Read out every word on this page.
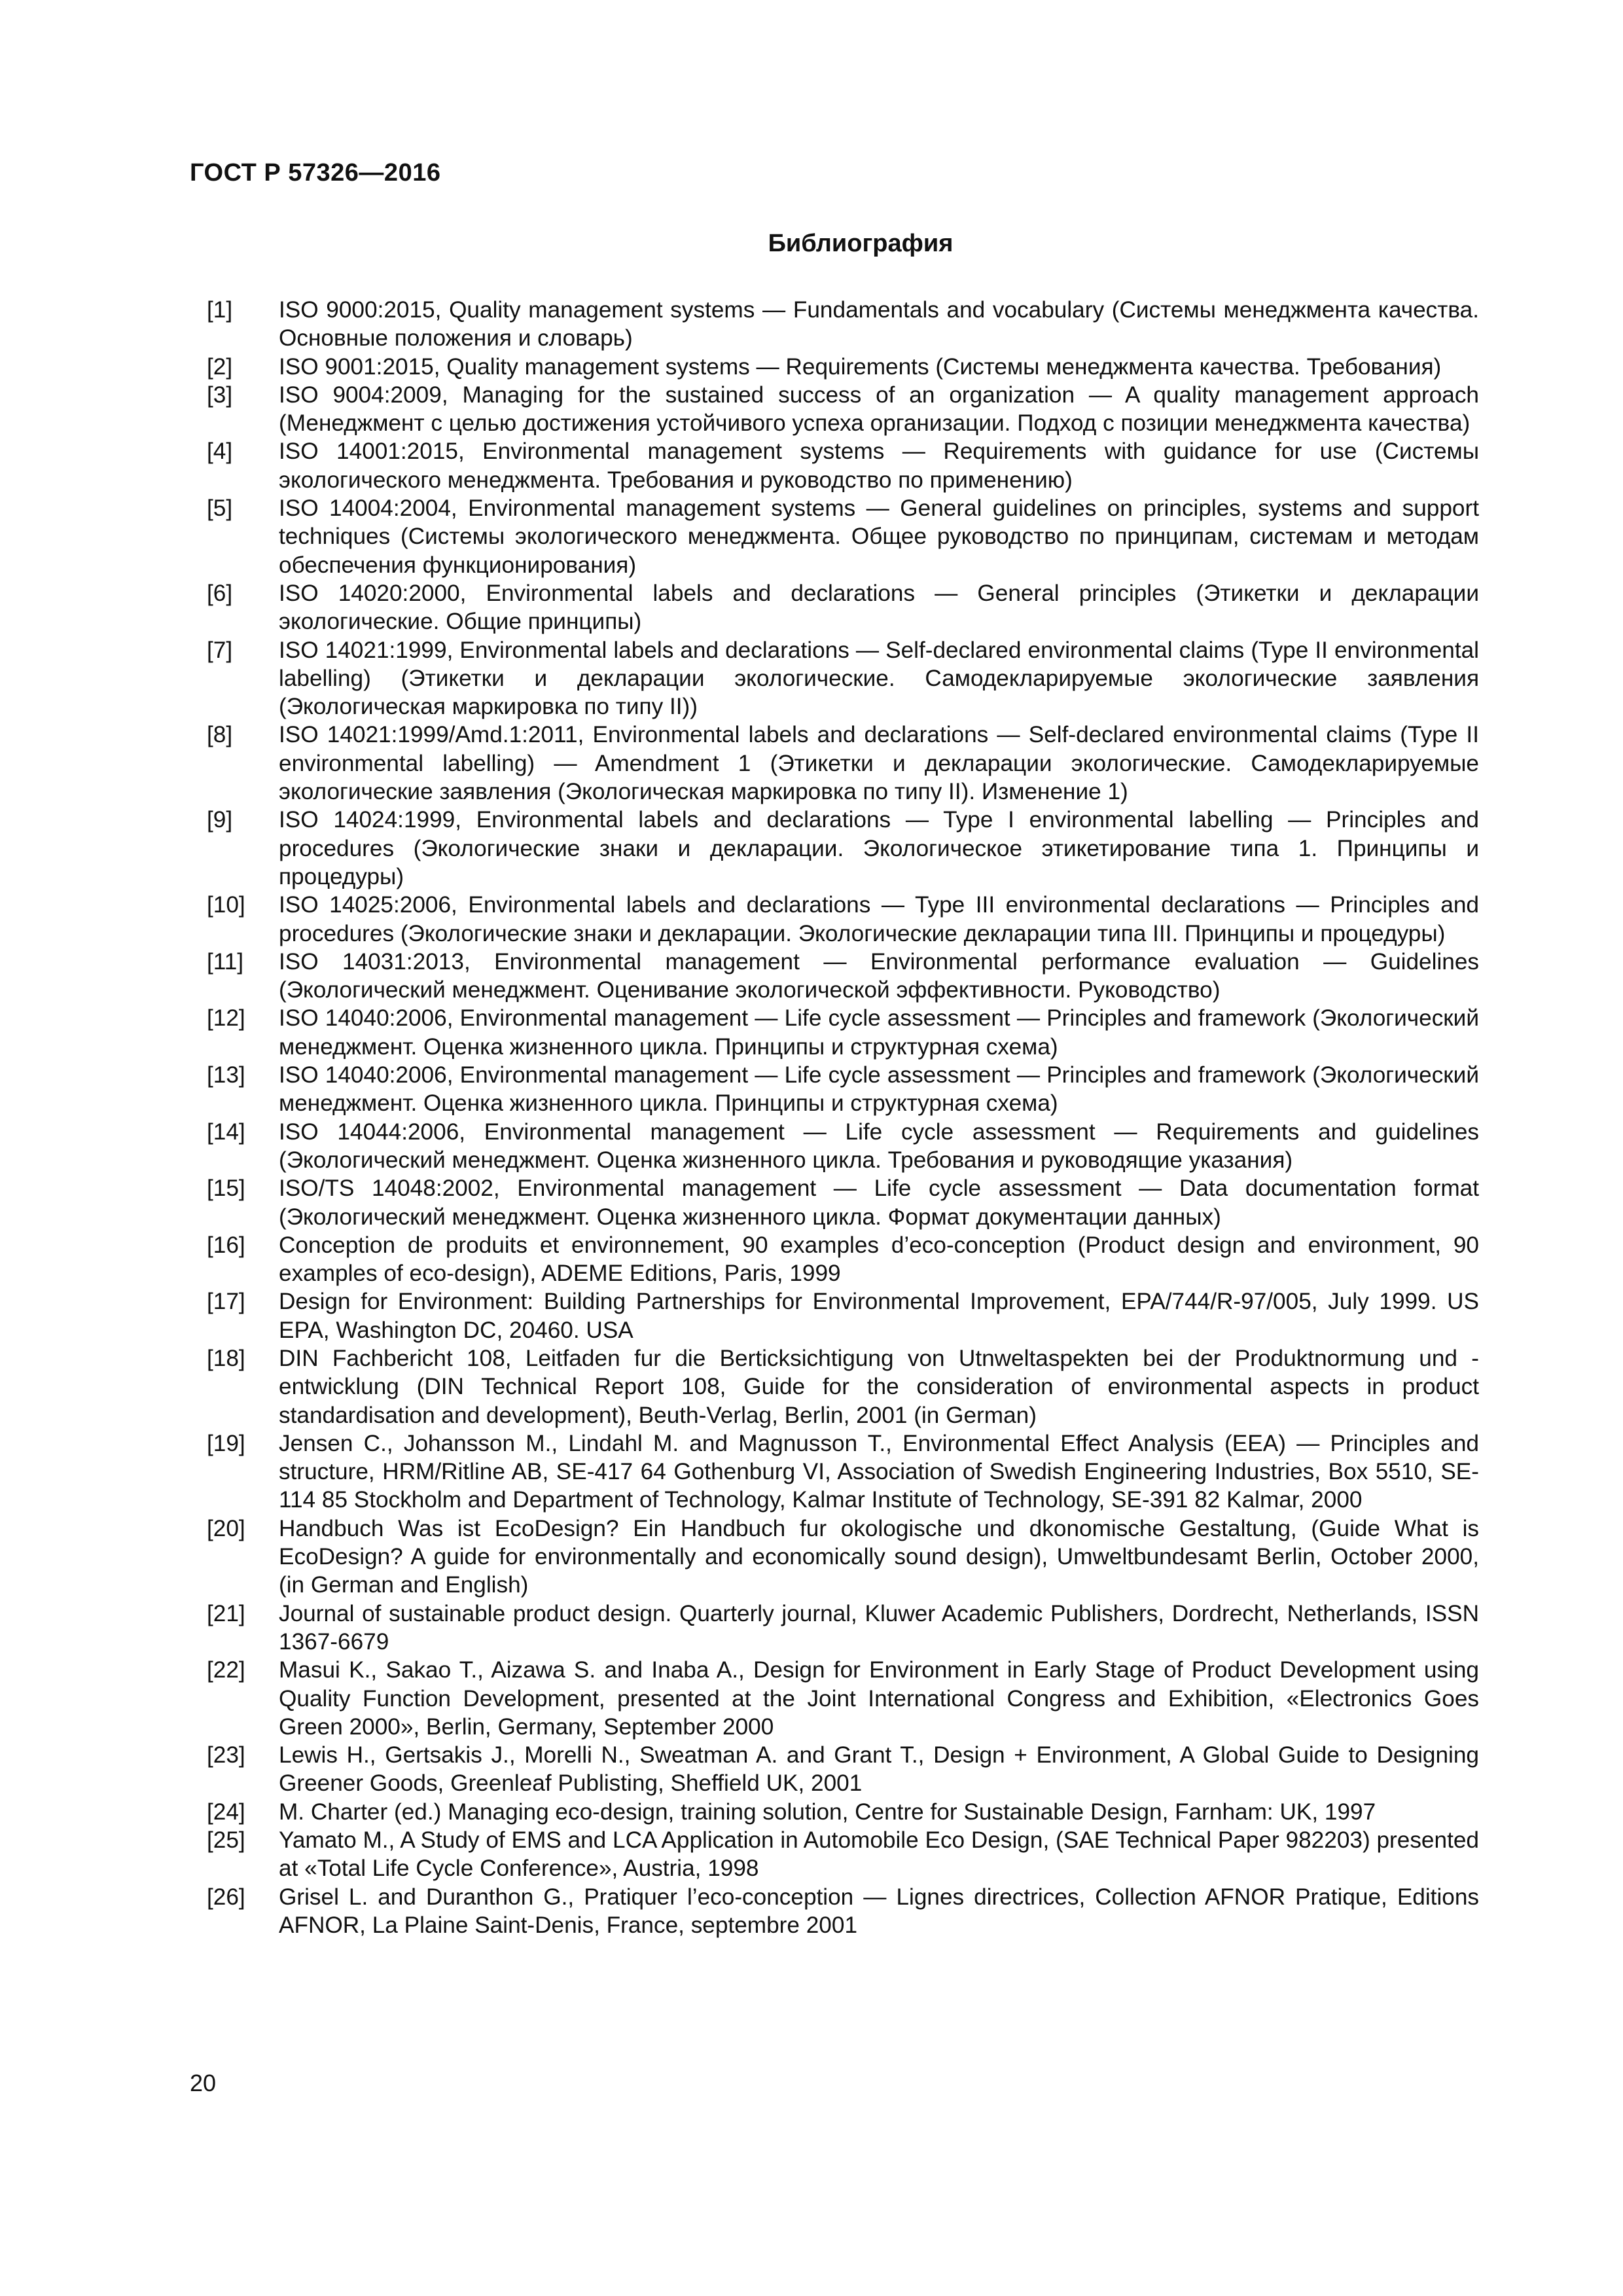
ГОСТ Р 57326—2016
Библиография
[1]	ISO 9000:2015, Quality management systems — Fundamentals and vocabulary (Системы менеджмента качества. Основные положения и словарь)
[2]	ISO 9001:2015, Quality management systems — Requirements (Системы менеджмента качества. Требования)
[3]	ISO 9004:2009, Managing for the sustained success of an organization — A quality management approach (Менеджмент с целью достижения устойчивого успеха организации. Подход с позиции менеджмента качества)
[4]	ISO 14001:2015, Environmental management systems — Requirements with guidance for use (Системы экологического менеджмента. Требования и руководство по применению)
[5]	ISO 14004:2004, Environmental management systems — General guidelines on principles, systems and support techniques (Системы экологического менеджмента. Общее руководство по принципам, системам и методам обеспечения функционирования)
[6]	ISO 14020:2000, Environmental labels and declarations — General principles (Этикетки и декларации экологические. Общие принципы)
[7]	ISO 14021:1999, Environmental labels and declarations — Self-declared environmental claims (Type II environmental labelling) (Этикетки и декларации экологические. Самодекларируемые экологические заявления (Экологическая маркировка по типу II))
[8]	ISO 14021:1999/Amd.1:2011, Environmental labels and declarations — Self-declared environmental claims (Type II environmental labelling) — Amendment 1 (Этикетки и декларации экологические. Самодекларируемые экологические заявления (Экологическая маркировка по типу II). Изменение 1)
[9]	ISO 14024:1999, Environmental labels and declarations — Type I environmental labelling — Principles and procedures (Экологические знаки и декларации. Экологическое этикетирование типа 1. Принципы и процедуры)
[10]	ISO 14025:2006, Environmental labels and declarations — Type III environmental declarations — Principles and procedures (Экологические знаки и декларации. Экологические декларации типа III. Принципы и процедуры)
[11]	ISO 14031:2013, Environmental management — Environmental performance evaluation — Guidelines (Экологический менеджмент. Оценивание экологической эффективности. Руководство)
[12]	ISO 14040:2006, Environmental management — Life cycle assessment — Principles and framework (Экологический менеджмент. Оценка жизненного цикла. Принципы и структурная схема)
[13]	ISO 14040:2006, Environmental management — Life cycle assessment — Principles and framework (Экологический менеджмент. Оценка жизненного цикла. Принципы и структурная схема)
[14]	ISO 14044:2006, Environmental management — Life cycle assessment — Requirements and guidelines (Экологический менеджмент. Оценка жизненного цикла. Требования и руководящие указания)
[15]	ISO/TS 14048:2002, Environmental management — Life cycle assessment — Data documentation format (Экологический менеджмент. Оценка жизненного цикла. Формат документации данных)
[16]	Conception de produits et environnement, 90 examples d’eco-conception (Product design and environment, 90 examples of eco-design), ADEME Editions, Paris, 1999
[17]	Design for Environment: Building Partnerships for Environmental Improvement, EPA/744/R-97/005, July 1999. US EPA, Washington DC, 20460. USA
[18]	DIN Fachbericht 108, Leitfaden fur die Berticksichtigung von Utnweltaspekten bei der Produktnormung und -entwicklung (DIN Technical Report 108, Guide for the consideration of environmental aspects in product standardisation and development), Beuth-Verlag, Berlin, 2001 (in German)
[19]	Jensen C., Johansson M., Lindahl M. and Magnusson T., Environmental Effect Analysis (EEA) — Principles and structure, HRM/Ritline AB, SE-417 64 Gothenburg VI, Association of Swedish Engineering Industries, Box 5510, SE-114 85 Stockholm and Department of Technology, Kalmar Institute of Technology, SE-391 82 Kalmar, 2000
[20]	Handbuch Was ist EcoDesign? Ein Handbuch fur okologische und dkonomische Gestaltung, (Guide What is EcoDesign? A guide for environmentally and economically sound design), Umweltbundesamt Berlin, October 2000, (in German and English)
[21]	Journal of sustainable product design. Quarterly journal, Kluwer Academic Publishers, Dordrecht, Netherlands, ISSN 1367-6679
[22]	Masui K., Sakao T., Aizawa S. and Inaba A., Design for Environment in Early Stage of Product Development using Quality Function Development, presented at the Joint International Congress and Exhibition, «Electronics Goes Green 2000», Berlin, Germany, September 2000
[23]	Lewis H., Gertsakis J., Morelli N., Sweatman A. and Grant T., Design + Environment, A Global Guide to Designing Greener Goods, Greenleaf Publisting, Sheffield UK, 2001
[24]	M. Charter (ed.) Managing eco-design, training solution, Centre for Sustainable Design, Farnham: UK, 1997
[25]	Yamato M., A Study of EMS and LCA Application in Automobile Eco Design, (SAE Technical Paper 982203) presented at «Total Life Cycle Conference», Austria, 1998
[26]	Grisel L. and Duranthon G., Pratiquer l’eco-conception — Lignes directrices, Collection AFNOR Pratique, Editions AFNOR, La Plaine Saint-Denis, France, septembre 2001
20
